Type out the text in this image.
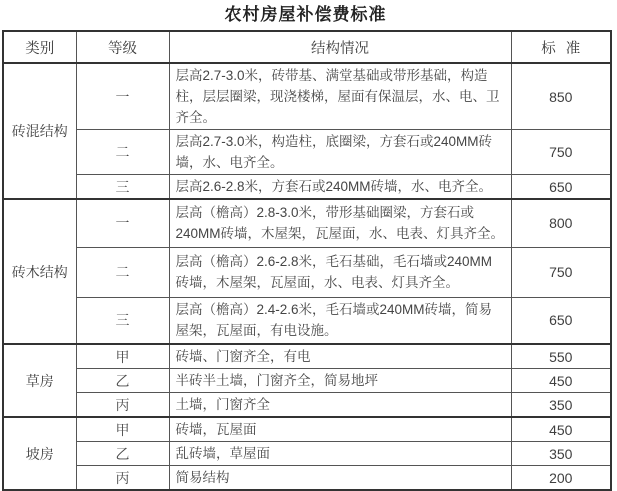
农村房屋补偿费标准
类别	等级	结构情况	标 准
砖混结构	一	层高2.7-3.0米，砖带基、满堂基础或带形基础，构造柱，层层圈梁，现浇楼梯，屋面有保温层，水、电、卫齐全。	850
	二	层高2.7-3.0米，构造柱，底圈梁，方套石或240MM砖墙，水、电齐全。	750
	三	层高2.6-2.8米，方套石或240MM砖墙，水、电齐全。	650
砖木结构	一	层高（檐高）2.8-3.0米，带形基础圈梁，方套石或240MM砖墙，木屋架，瓦屋面，水、电表、灯具齐全。	800
	二	层高（檐高）2.6-2.8米，毛石基础，毛石墙或240MM砖墙，木屋架，瓦屋面，水、电表、灯具齐全。	750
	三	层高（檐高）2.4-2.6米，毛石墙或240MM砖墙，简易屋架，瓦屋面，有电设施。	650
草房	甲	砖墙、门窗齐全，有电	550
	乙	半砖半土墙，门窗齐全，简易地坪	450
	丙	土墙，门窗齐全	350
坡房	甲	砖墙，瓦屋面	450
	乙	乱砖墙，草屋面	350
	丙	简易结构	200
